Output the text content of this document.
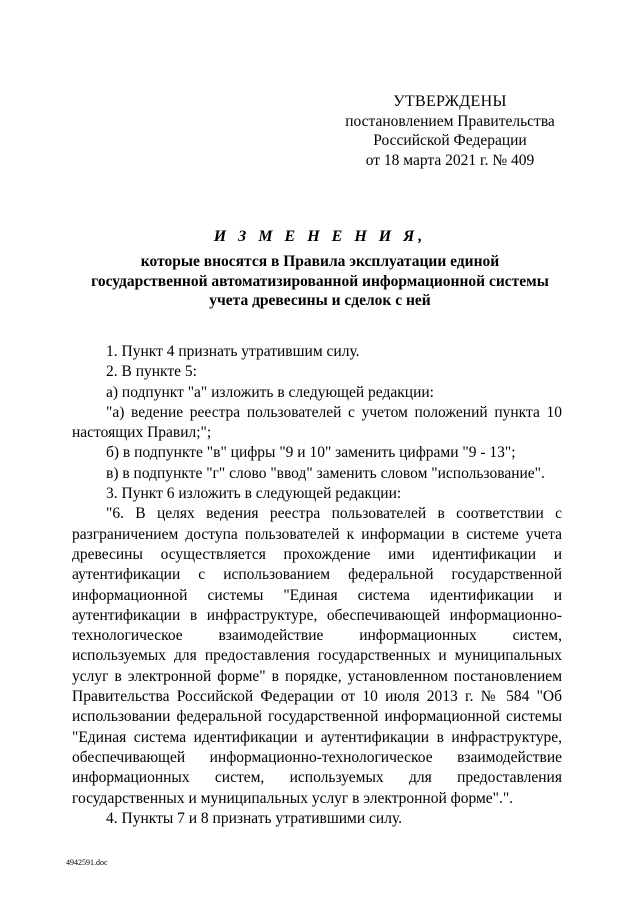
УТВЕРЖДЕНЫ
постановлением Правительства
Российской Федерации
от 18 марта 2021 г. № 409
И З М Е Н Е Н И Я,
которые вносятся в Правила эксплуатации единой
государственной автоматизированной информационной системы
учета древесины и сделок с ней

1. Пункт 4 признать утратившим силу.

2. В пункте 5:

а) подпункт "а" изложить в следующей редакции:

"а) ведение реестра пользователей с учетом положений пункта 10 настоящих Правил;";

б) в подпункте "в" цифры "9 и 10" заменить цифрами "9 - 13";

в) в подпункте "г" слово "ввод" заменить словом "использование".

3. Пункт 6 изложить в следующей редакции:

"6. В целях ведения реестра пользователей в соответствии с разграничением доступа пользователей к информации в системе учета древесины осуществляется прохождение ими идентификации и аутентификации с использованием федеральной государственной информационной системы "Единая система идентификации и аутентификации в инфраструктуре, обеспечивающей информационно-технологическое взаимодействие информационных систем, используемых для предоставления государственных и муниципальных услуг в электронной форме" в порядке, установленном постановлением Правительства Российской Федерации от 10 июля 2013 г. № 584 "Об использовании федеральной государственной информационной системы "Единая система идентификации и аутентификации в инфраструктуре, обеспечивающей информационно-технологическое взаимодействие информационных систем, используемых для предоставления государственных и муниципальных услуг в электронной форме".".

4. Пункты 7 и 8 признать утратившими силу.

4942591.doc
